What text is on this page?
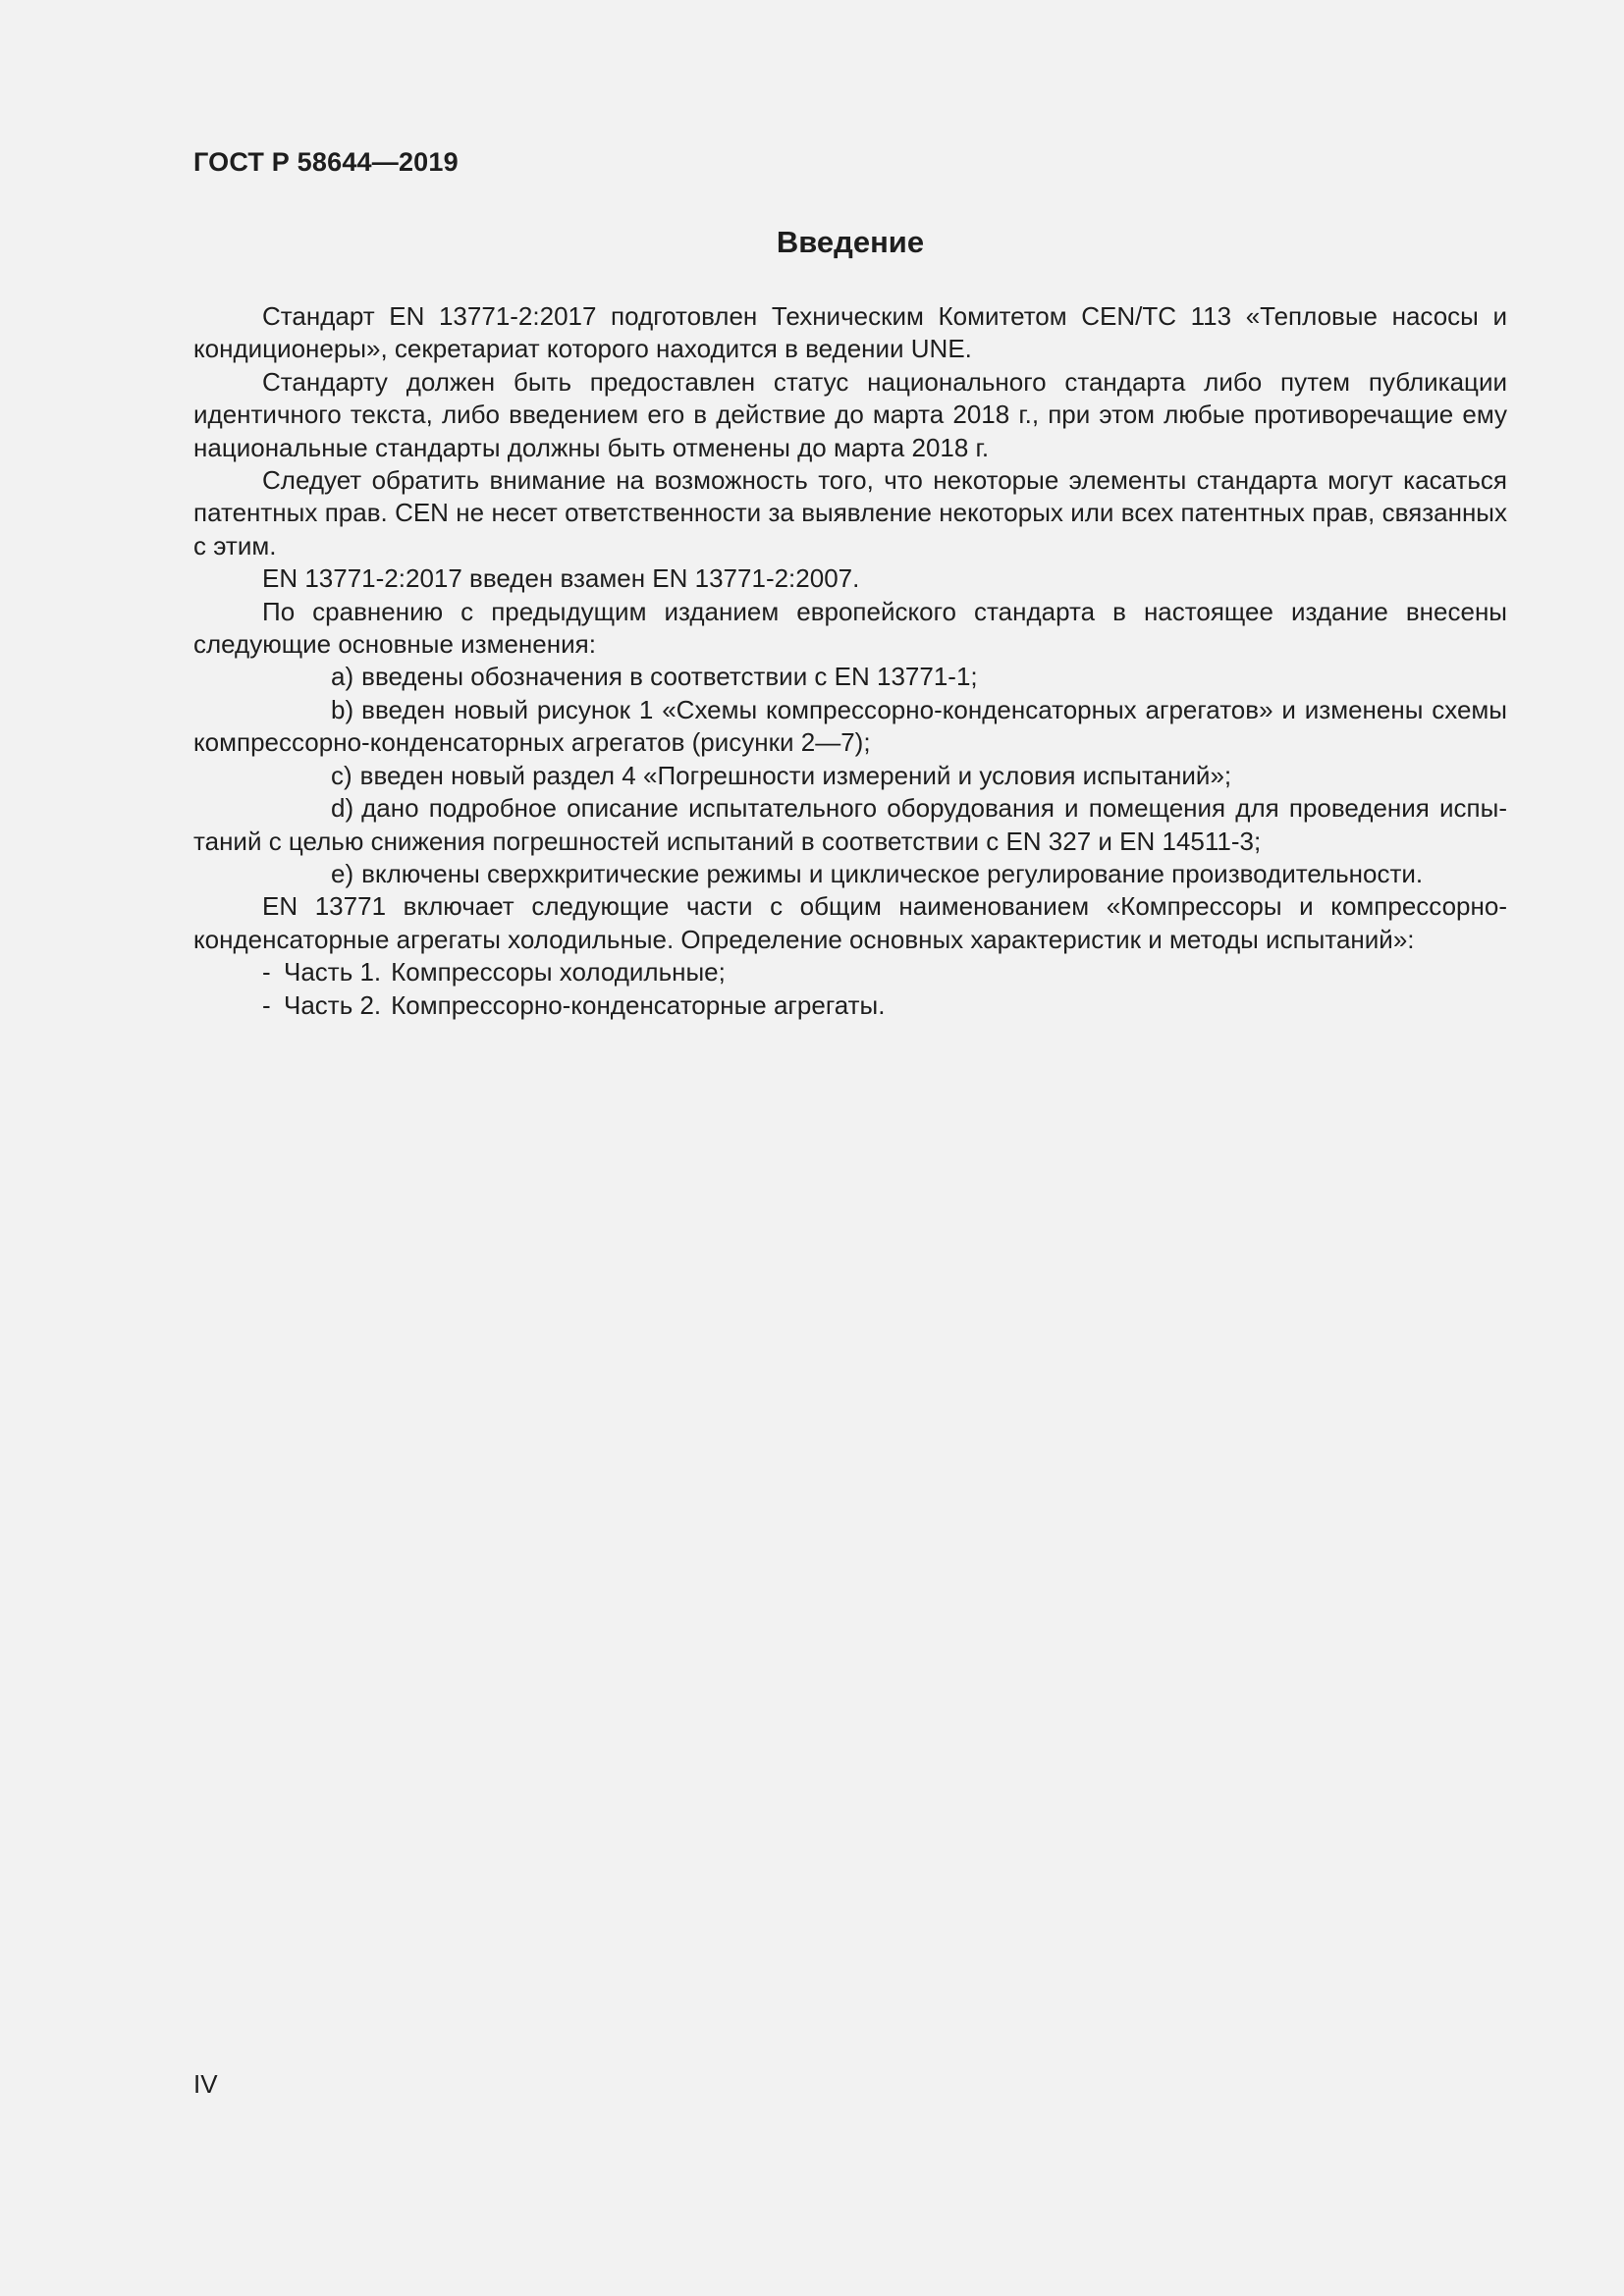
ГОСТ Р 58644—2019

Введение

Стандарт EN 13771-2:2017 подготовлен Техническим Комитетом CEN/TC 113 «Тепловые насосы и кондиционеры», секретариат которого находится в ведении UNE.

Стандарту должен быть предоставлен статус национального стандарта либо путем публикации идентичного текста, либо введением его в действие до марта 2018 г., при этом любые противоречащие ему национальные стандарты должны быть отменены до марта 2018 г.

Следует обратить внимание на возможность того, что некоторые элементы стандарта могут касаться патентных прав. CEN не несет ответственности за выявление некоторых или всех патентных прав, связанных с этим.

EN 13771-2:2017 введен взамен EN 13771-2:2007.

По сравнению с предыдущим изданием европейского стандарта в настоящее издание внесены следующие основные изменения:

a) введены обозначения в соответствии с EN 13771-1;

b) введен новый рисунок 1 «Схемы компрессорно-конденсаторных агрегатов» и изменены схемы компрессорно-конденсаторных агрегатов (рисунки 2—7);

c) введен новый раздел 4 «Погрешности измерений и условия испытаний»;

d) дано подробное описание испытательного оборудования и помещения для проведения испытаний с целью снижения погрешностей испытаний в соответствии с EN 327 и EN 14511-3;

e) включены сверхкритические режимы и циклическое регулирование производительности.

EN 13771 включает следующие части с общим наименованием «Компрессоры и компрессорно-конденсаторные агрегаты холодильные. Определение основных характеристик и методы испытаний»:

- Часть 1. Компрессоры холодильные;

- Часть 2. Компрессорно-конденсаторные агрегаты.

IV
